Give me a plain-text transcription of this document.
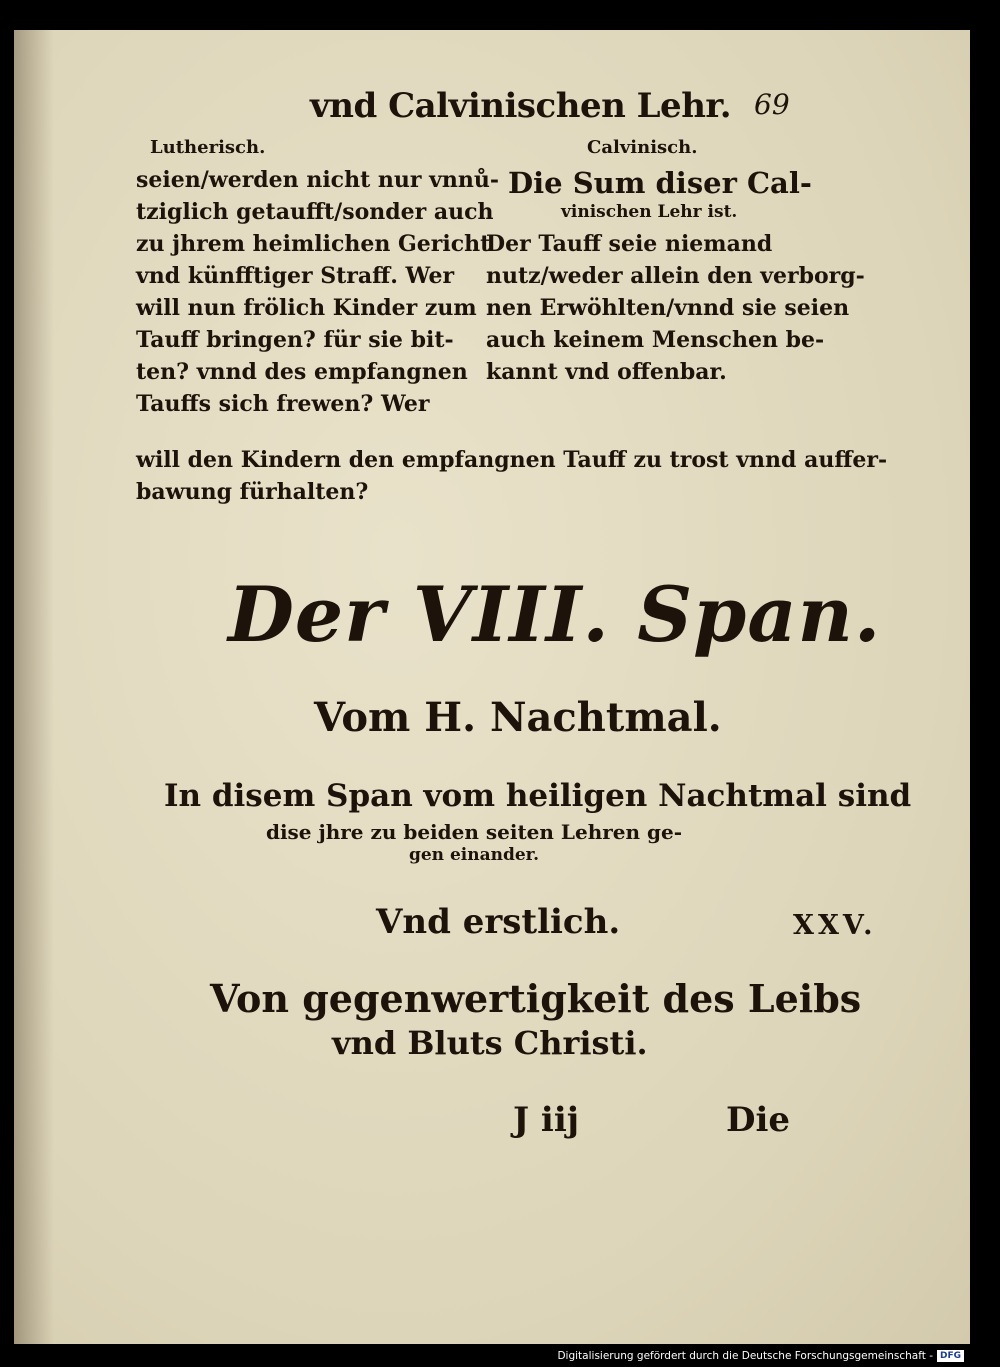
vnd Calvinischen Lehr. 69
Lutherisch.	Calvinisch.
seien/werden nicht nur vnnů-
tziglich getaufft/sonder auch
zu jhrem heimlichen Gericht
vnd künfftiger Straff. Wer
will nun frölich Kinder zum
Tauff bringen? für sie bit-
ten? vnnd des empfangnen
Tauffs sich frewen? Wer
Die Sum diser Cal-
vinischen Lehr ist.
Der Tauff seie niemand
nutz/weder allein den verborg-
nen Erwöhlten/vnnd sie seien
auch keinem Menschen be-
kannt vnd offenbar.
will den Kindern den empfangnen Tauff zu trost vnnd auffer-
bawung fürhalten?
Der VIII. Span.
Vom H. Nachtmal.
In disem Span vom heiligen Nachtmal sind
dise jhre zu beiden seiten Lehren ge-
gen einander.
Vnd erstlich.	XXV.
Von gegenwertigkeit des Leibs
vnd Bluts Christi.
J iij	Die
Digitalisierung gefördert durch die Deutsche Forschungsgemeinschaft - DFG
